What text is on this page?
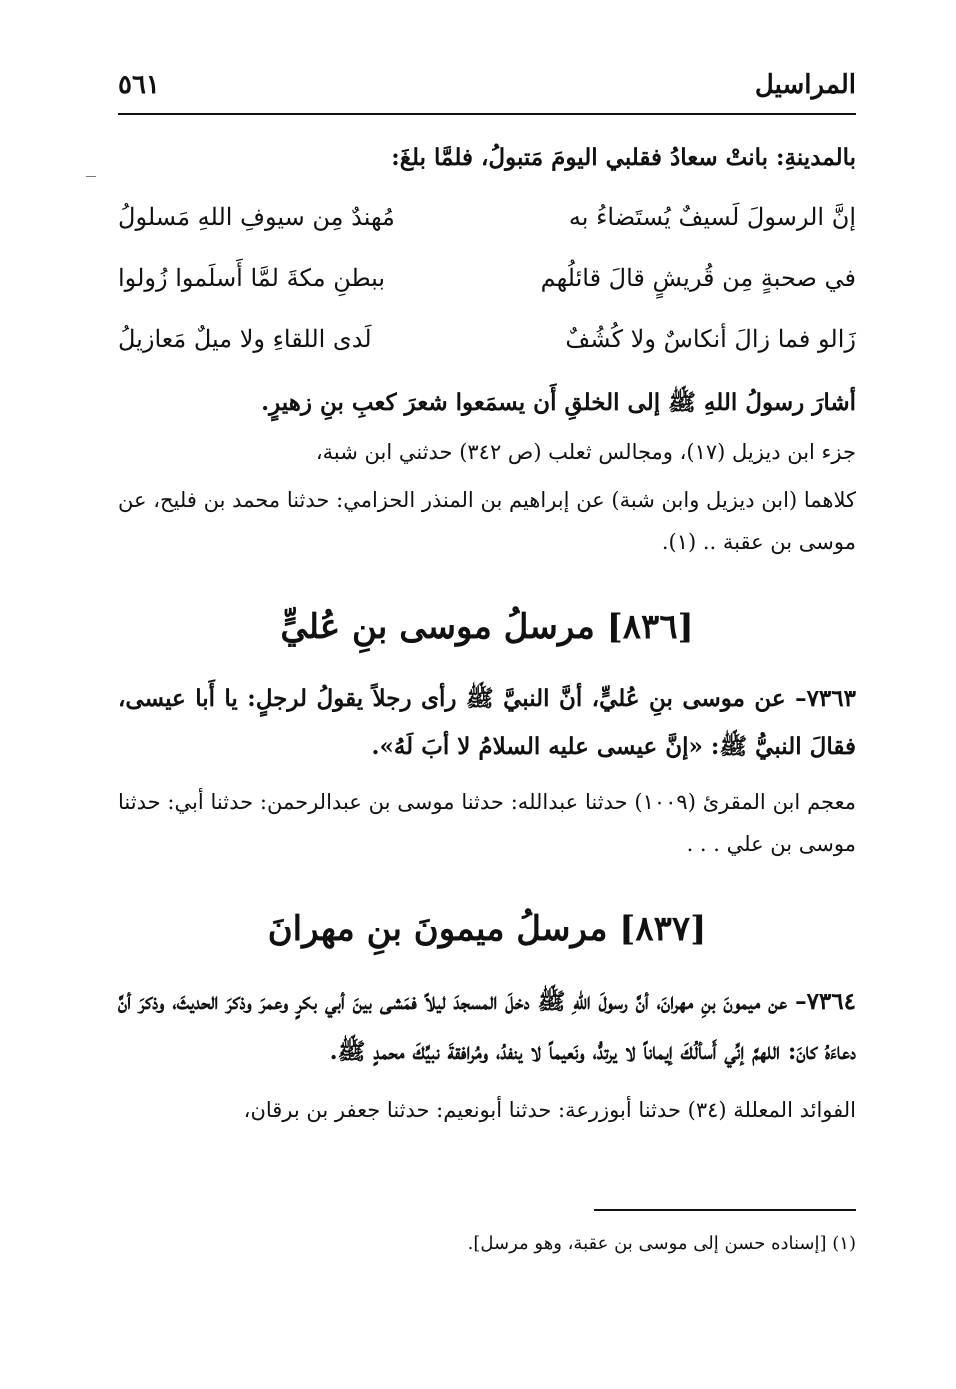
المراسيل
٥٦١

بالمدينةِ: بانتْ سعادُ فقلبي اليومَ مَتبولُ، فلمَّا بلغَ:

إنَّ الرسولَ لَسيفٌ يُستَضاءُ به
مُهندٌ مِن سيوفِ اللهِ مَسلولُ
في صحبةٍ مِن قُريشٍ قالَ قائلُهم
ببطنِ مكةَ لمَّا أَسلَموا زُولوا
زَالو فما زالَ أنكاسٌ ولا كُشُفٌ
لَدى اللقاءِ ولا ميلٌ مَعازيلُ

أشارَ رسولُ اللهِ ﷺ إلى الخلقِ أَن يسمَعوا شعرَ كعبِ بنِ زهيرٍ.

جزء ابن ديزيل (١٧)، ومجالس ثعلب (ص ٣٤٢) حدثني ابن شبة،

كلاهما (ابن ديزيل وابن شبة) عن إبراهيم بن المنذر الحزامي: حدثنا محمد بن فليح، عن موسى بن عقبة .. (١).

[٨٣٦] مرسلُ موسى بنِ عُليٍّ

٧٣٦٣– عن موسى بنِ عُليٍّ، أنَّ النبيَّ ﷺ رأى رجلاً يقولُ لرجلٍ: يا أَبا عيسى، فقالَ النبيُّ ﷺ: «إنَّ عيسى عليه السلامُ لا أبَ لَهُ».

معجم ابن المقرئ (١٠٠٩) حدثنا عبدالله: حدثنا موسى بن عبدالرحمن: حدثنا أبي: حدثنا موسى بن علي . . .

[٨٣٧] مرسلُ ميمونَ بنِ مهرانَ

٧٣٦٤– عن ميمونَ بنِ مهرانَ، أنَّ رسولَ اللهِ ﷺ دخلَ المسجدَ ليلاً فمَشى بينَ أبي بكرٍ وعمرَ وذكرَ الحديثَ، وذكرَ أنَّ دعاءَهُ كانَ: اللهمَّ إنِّي أَسألُكَ إيماناً لا يرتدُّ، ونَعيماً لا ينفدُ، ومُرافقةَ نبيِّكَ محمدٍ ﷺ.

الفوائد المعللة (٣٤) حدثنا أبوزرعة: حدثنا أبونعيم: حدثنا جعفر بن برقان،

(١) [إسناده حسن إلى موسى بن عقبة، وهو مرسل].
